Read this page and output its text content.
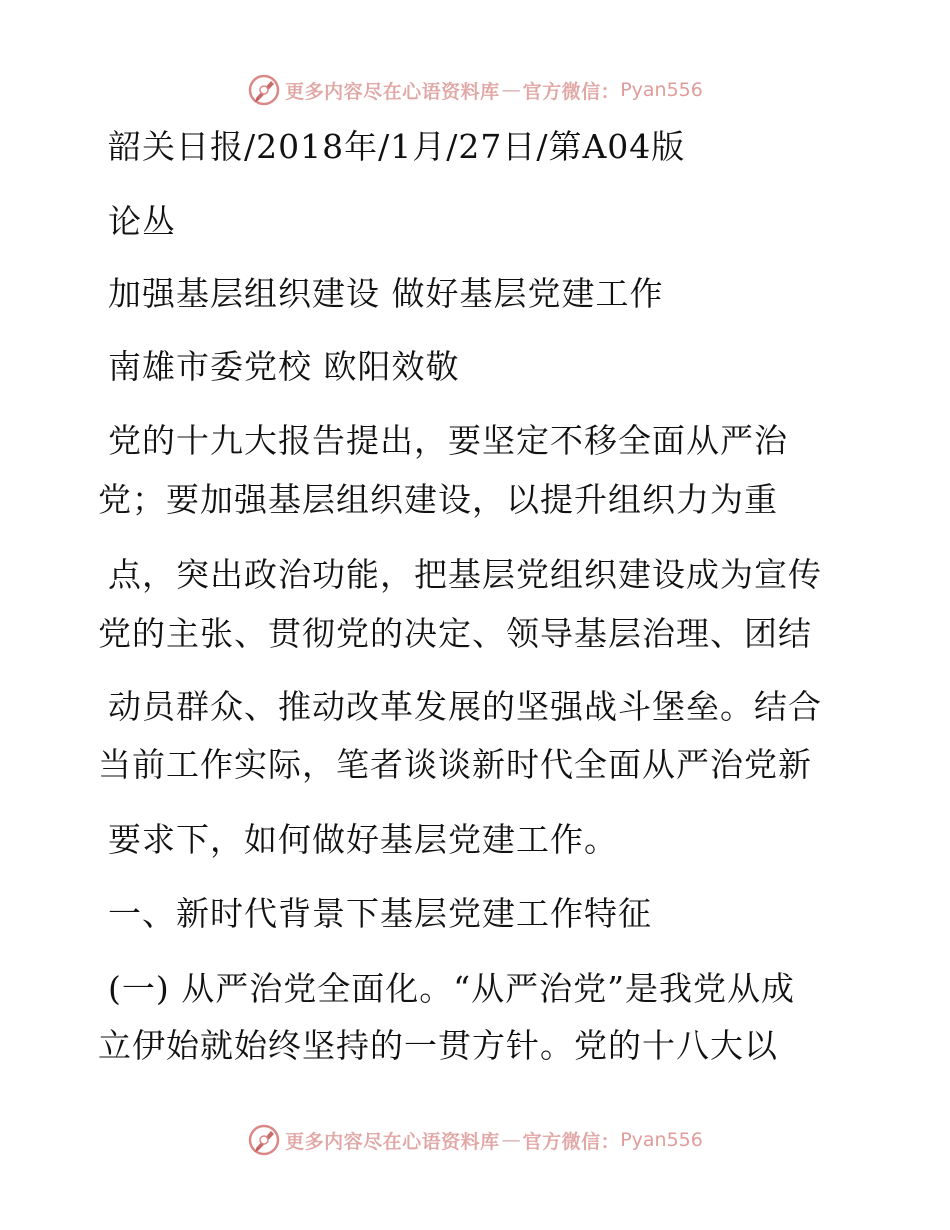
更多内容尽在心语资料库 — 官方微信： Pyan556
韶关日报/2018年/1月/27日/第A04版
论丛
加强基层组织建设 做好基层党建工作
南雄市委党校 欧阳效敬
党的十九大报告提出，要坚定不移全面从严治
党；要加强基层组织建设，以提升组织力为重
点，突出政治功能，把基层党组织建设成为宣传
党的主张、贯彻党的决定、领导基层治理、团结
动员群众、推动改革发展的坚强战斗堡垒。结合
当前工作实际，笔者谈谈新时代全面从严治党新
要求下，如何做好基层党建工作。
一、新时代背景下基层党建工作特征
(一) 从严治党全面化。“从严治党”是我党从成
立伊始就始终坚持的一贯方针。党的十八大以
更多内容尽在心语资料库 — 官方微信： Pyan556
